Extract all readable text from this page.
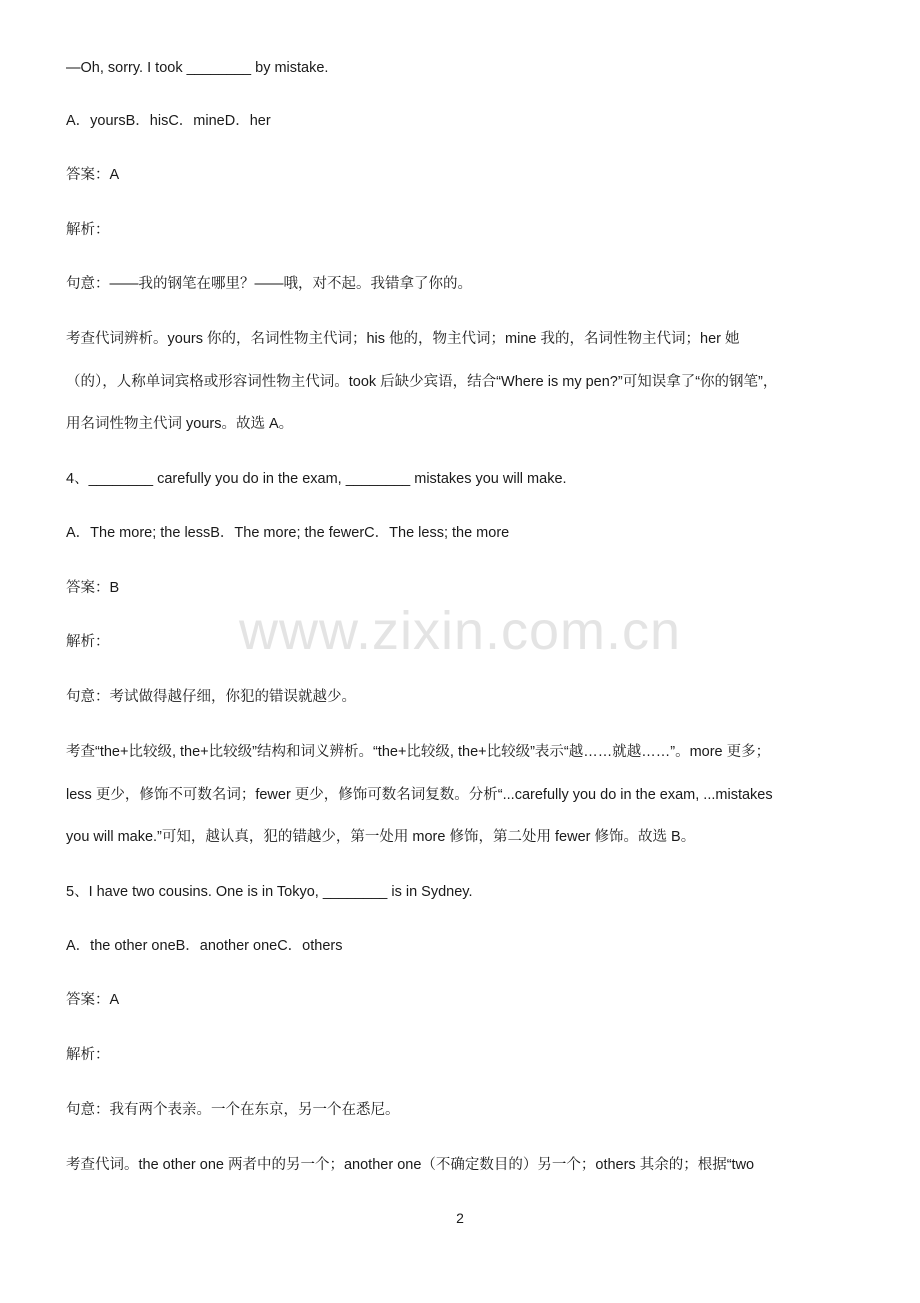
www.zixin.com.cn
—Oh, sorry. I took ________ by mistake.
A．yoursB．hisC．mineD．her
答案：A
解析：
句意：——我的钢笔在哪里？——哦，对不起。我错拿了你的。
考查代词辨析。yours 你的，名词性物主代词；his 他的，物主代词；mine 我的，名词性物主代词；her 她
（的），人称单词宾格或形容词性物主代词。took 后缺少宾语，结合“Where is my pen?”可知误拿了“你的钢笔”，
用名词性物主代词 yours。故选 A。
4、________ carefully you do in the exam, ________ mistakes you will make.
A．The more; the lessB．The more; the fewerC．The less; the more
答案：B
解析：
句意：考试做得越仔细，你犯的错误就越少。
考查“the+比较级, the+比较级”结构和词义辨析。“the+比较级, the+比较级”表示“越……就越……”。more 更多；
less 更少，修饰不可数名词；fewer 更少，修饰可数名词复数。分析“...carefully you do in the exam, ...mistakes
you will make.”可知，越认真，犯的错越少，第一处用 more 修饰，第二处用 fewer 修饰。故选 B。
5、I have two cousins. One is in Tokyo, ________ is in Sydney.
A．the other oneB．another oneC．others
答案：A
解析：
句意：我有两个表亲。一个在东京，另一个在悉尼。
考查代词。the other one 两者中的另一个；another one（不确定数目的）另一个；others 其余的；根据“two
2
